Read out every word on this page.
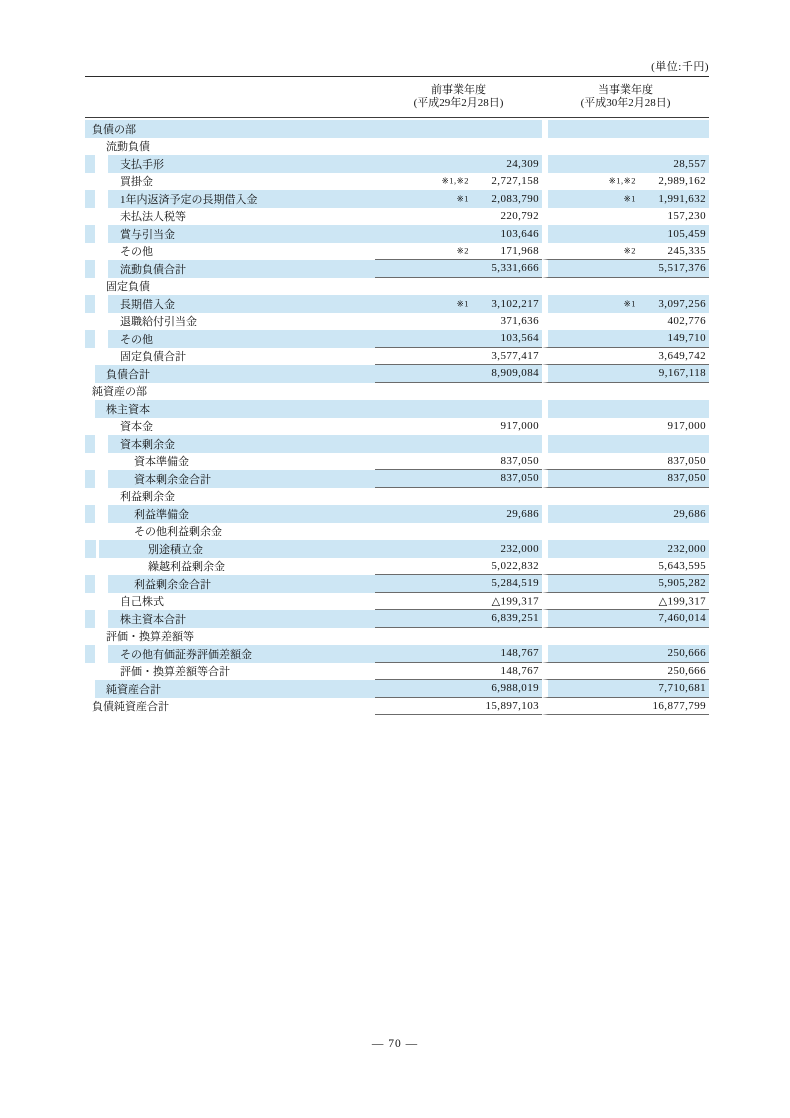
(単位:千円)
前事業年度
(平成29年2月28日)
当事業年度
(平成30年2月28日)
負債の部
流動負債
支払手形	24,309	28,557
買掛金	※1,※2 2,727,158	※1,※2 2,989,162
1年内返済予定の長期借入金	※1 2,083,790	※1 1,991,632
未払法人税等	220,792	157,230
賞与引当金	103,646	105,459
その他	※2	171,968	※2	245,335
流動負債合計	5,331,666	5,517,376
固定負債
長期借入金	※1 3,102,217	※1 3,097,256
退職給付引当金	371,636	402,776
その他	103,564	149,710
固定負債合計	3,577,417	3,649,742
負債合計	8,909,084	9,167,118
純資産の部
株主資本
資本金	917,000	917,000
資本剰余金
資本準備金	837,050	837,050
資本剰余金合計	837,050	837,050
利益剰余金
利益準備金	29,686	29,686
その他利益剰余金
別途積立金	232,000	232,000
繰越利益剰余金	5,022,832	5,643,595
利益剰余金合計	5,284,519	5,905,282
自己株式	△199,317	△199,317
株主資本合計	6,839,251	7,460,014
評価・換算差額等
その他有価証券評価差額金	148,767	250,666
評価・換算差額等合計	148,767	250,666
純資産合計	6,988,019	7,710,681
負債純資産合計	15,897,103	16,877,799
― 70 ―
